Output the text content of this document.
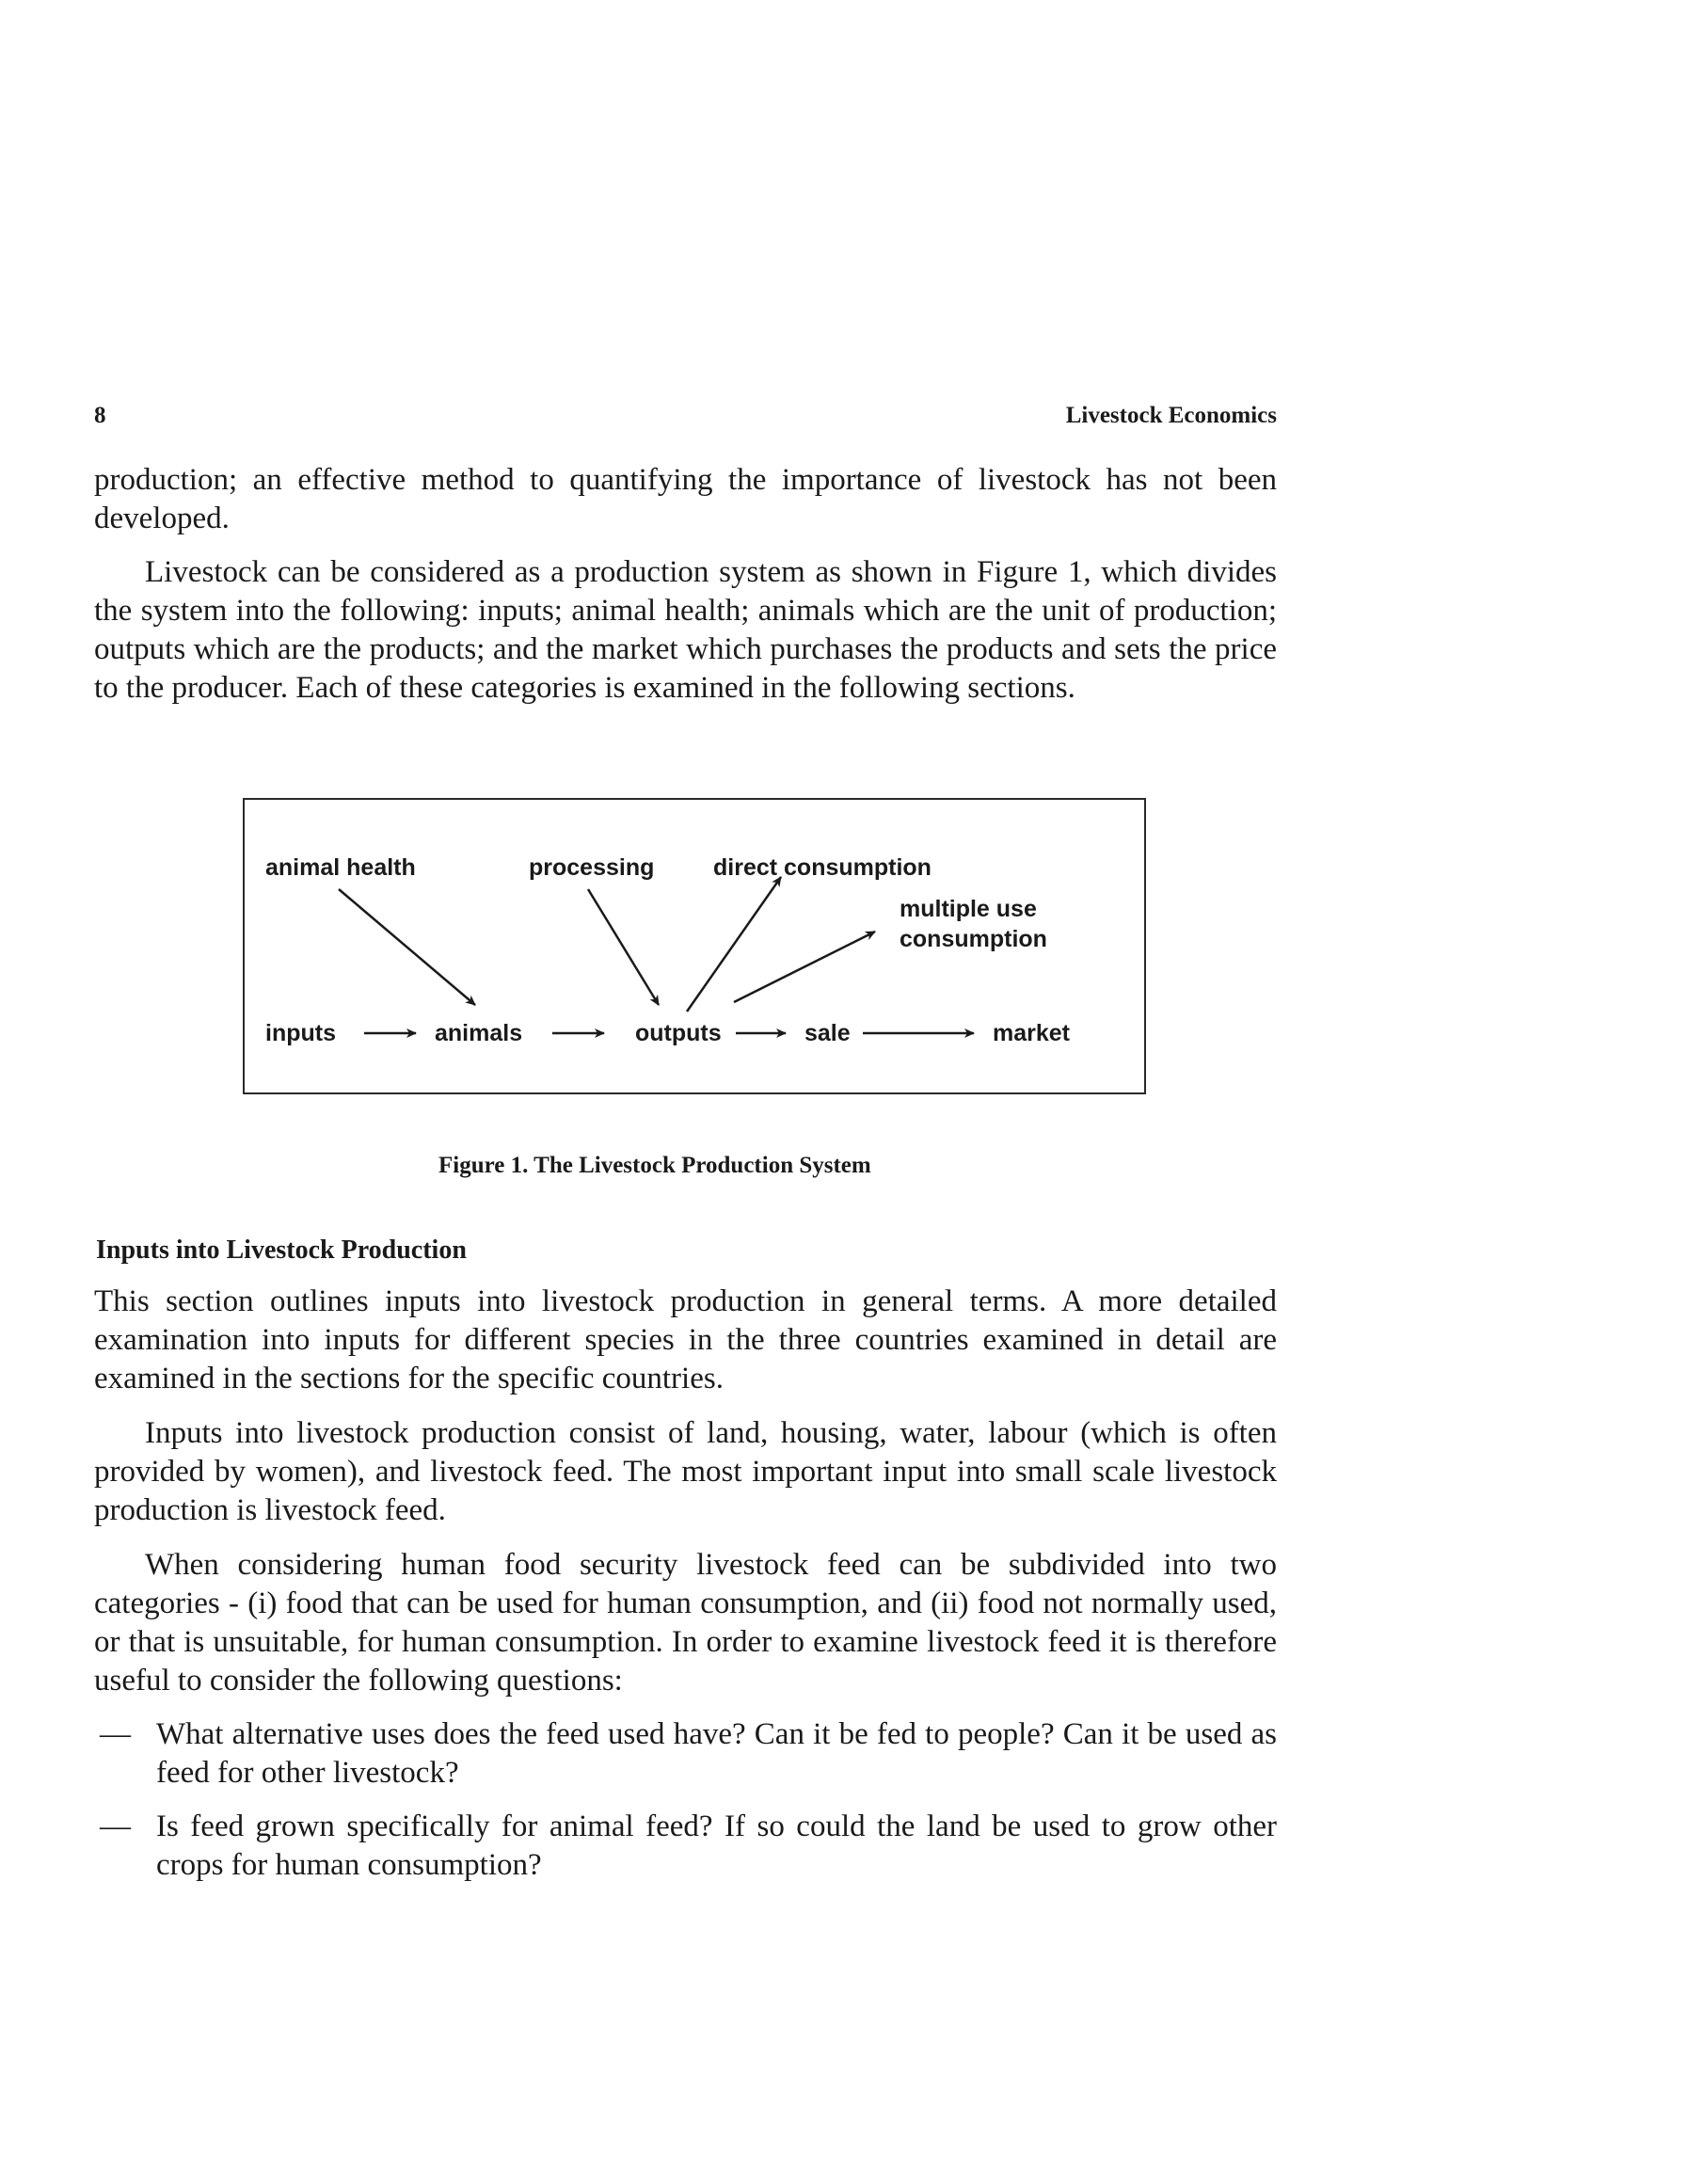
8	Livestock Economics

production; an effective method to quantifying the importance of livestock has not been developed.

Livestock can be considered as a production system as shown in Figure 1, which divides the system into the following: inputs; animal health; animals which are the unit of production; outputs which are the products; and the market which purchases the products and sets the price to the producer. Each of these categories is examined in the following sections.

animal health	processing	direct consumption
multiple use
consumption
inputs	animals	outputs	sale	market
Figure 1. The Livestock Production System
Inputs into Livestock Production

This section outlines inputs into livestock production in general terms. A more detailed examination into inputs for different species in the three countries examined in detail are examined in the sections for the specific countries.

Inputs into livestock production consist of land, housing, water, labour (which is often provided by women), and livestock feed. The most important input into small scale livestock production is livestock feed.

When considering human food security livestock feed can be subdivided into two categories - (i) food that can be used for human consumption, and (ii) food not normally used, or that is unsuitable, for human consumption. In order to examine livestock feed it is therefore useful to consider the following questions:

— What alternative uses does the feed used have? Can it be fed to people? Can it be used as feed for other livestock?

— Is feed grown specifically for animal feed? If so could the land be used to grow other crops for human consumption?
